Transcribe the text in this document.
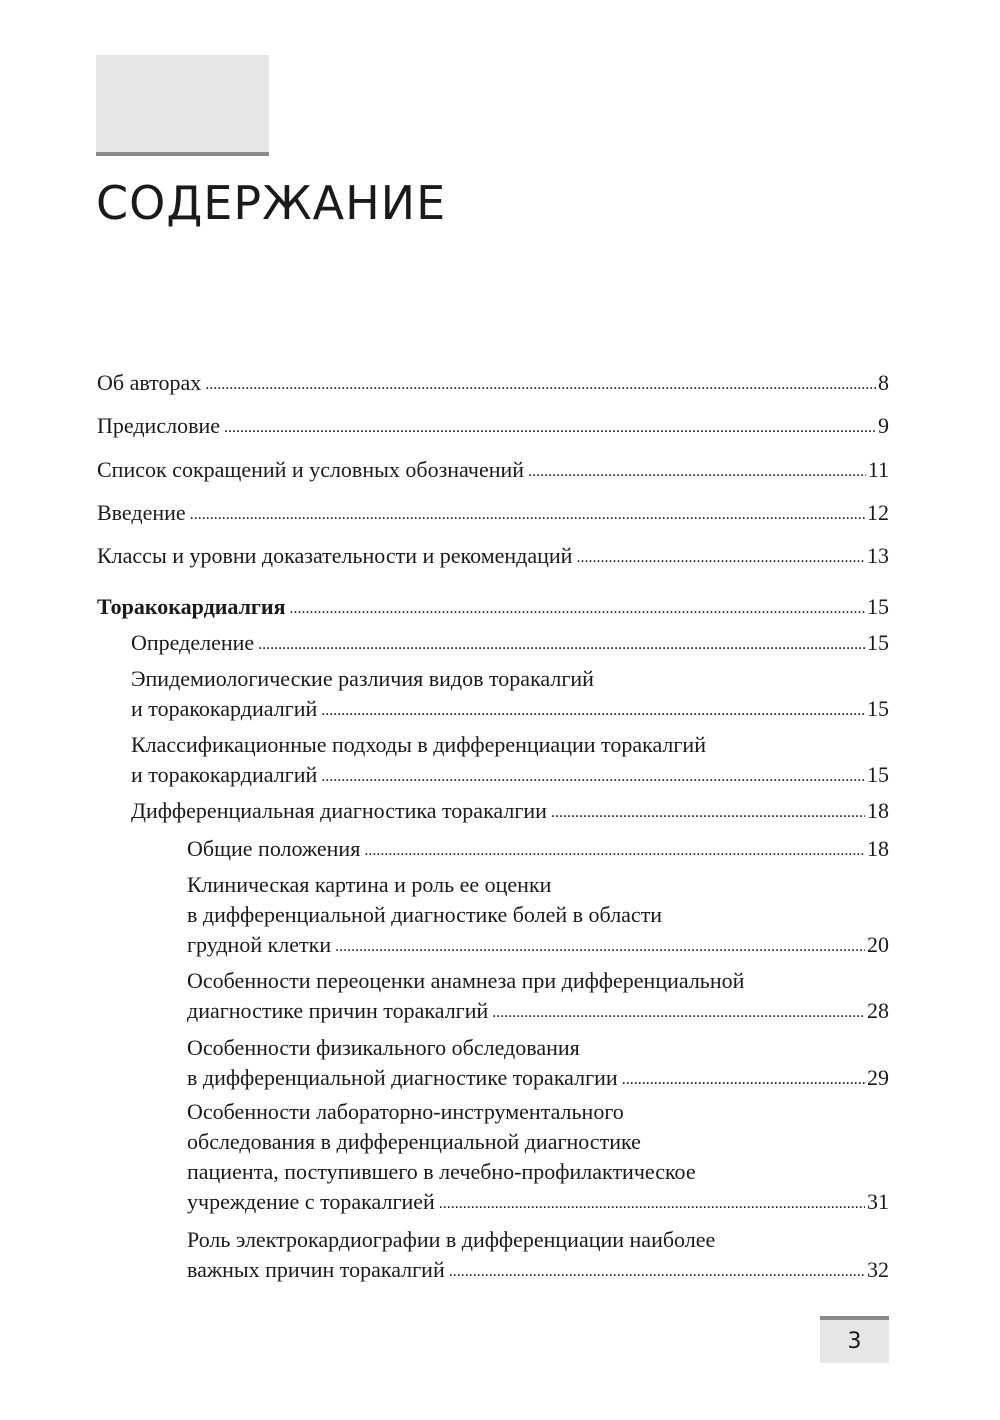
СОДЕРЖАНИЕ
Об авторах .....	8
Предисловие .....	9
Список сокращений и условных обозначений .....	11
Введение .....	12
Классы и уровни доказательности и рекомендаций .....	13
Торакокардиалгия .....	15
Определение .....	15
Эпидемиологические различия видов торакалгий
и торакокардиалгий .....	15
Классификационные подходы в дифференциации торакалгий
и торакокардиалгий .....	15
Дифференциальная диагностика торакалгии .....	18
Общие положения .....	18
Клиническая картина и роль ее оценки
в дифференциальной диагностике болей в области
грудной клетки .....	20
Особенности переоценки анамнеза при дифференциальной
диагностике причин торакалгий .....	28
Особенности физикального обследования
в дифференциальной диагностике торакалгии .....	29
Особенности лабораторно-инструментального
обследования в дифференциальной диагностике
пациента, поступившего в лечебно-профилактическое
учреждение с торакалгией .....	31
Роль электрокардиографии в дифференциации наиболее
важных причин торакалгий .....	32
3
